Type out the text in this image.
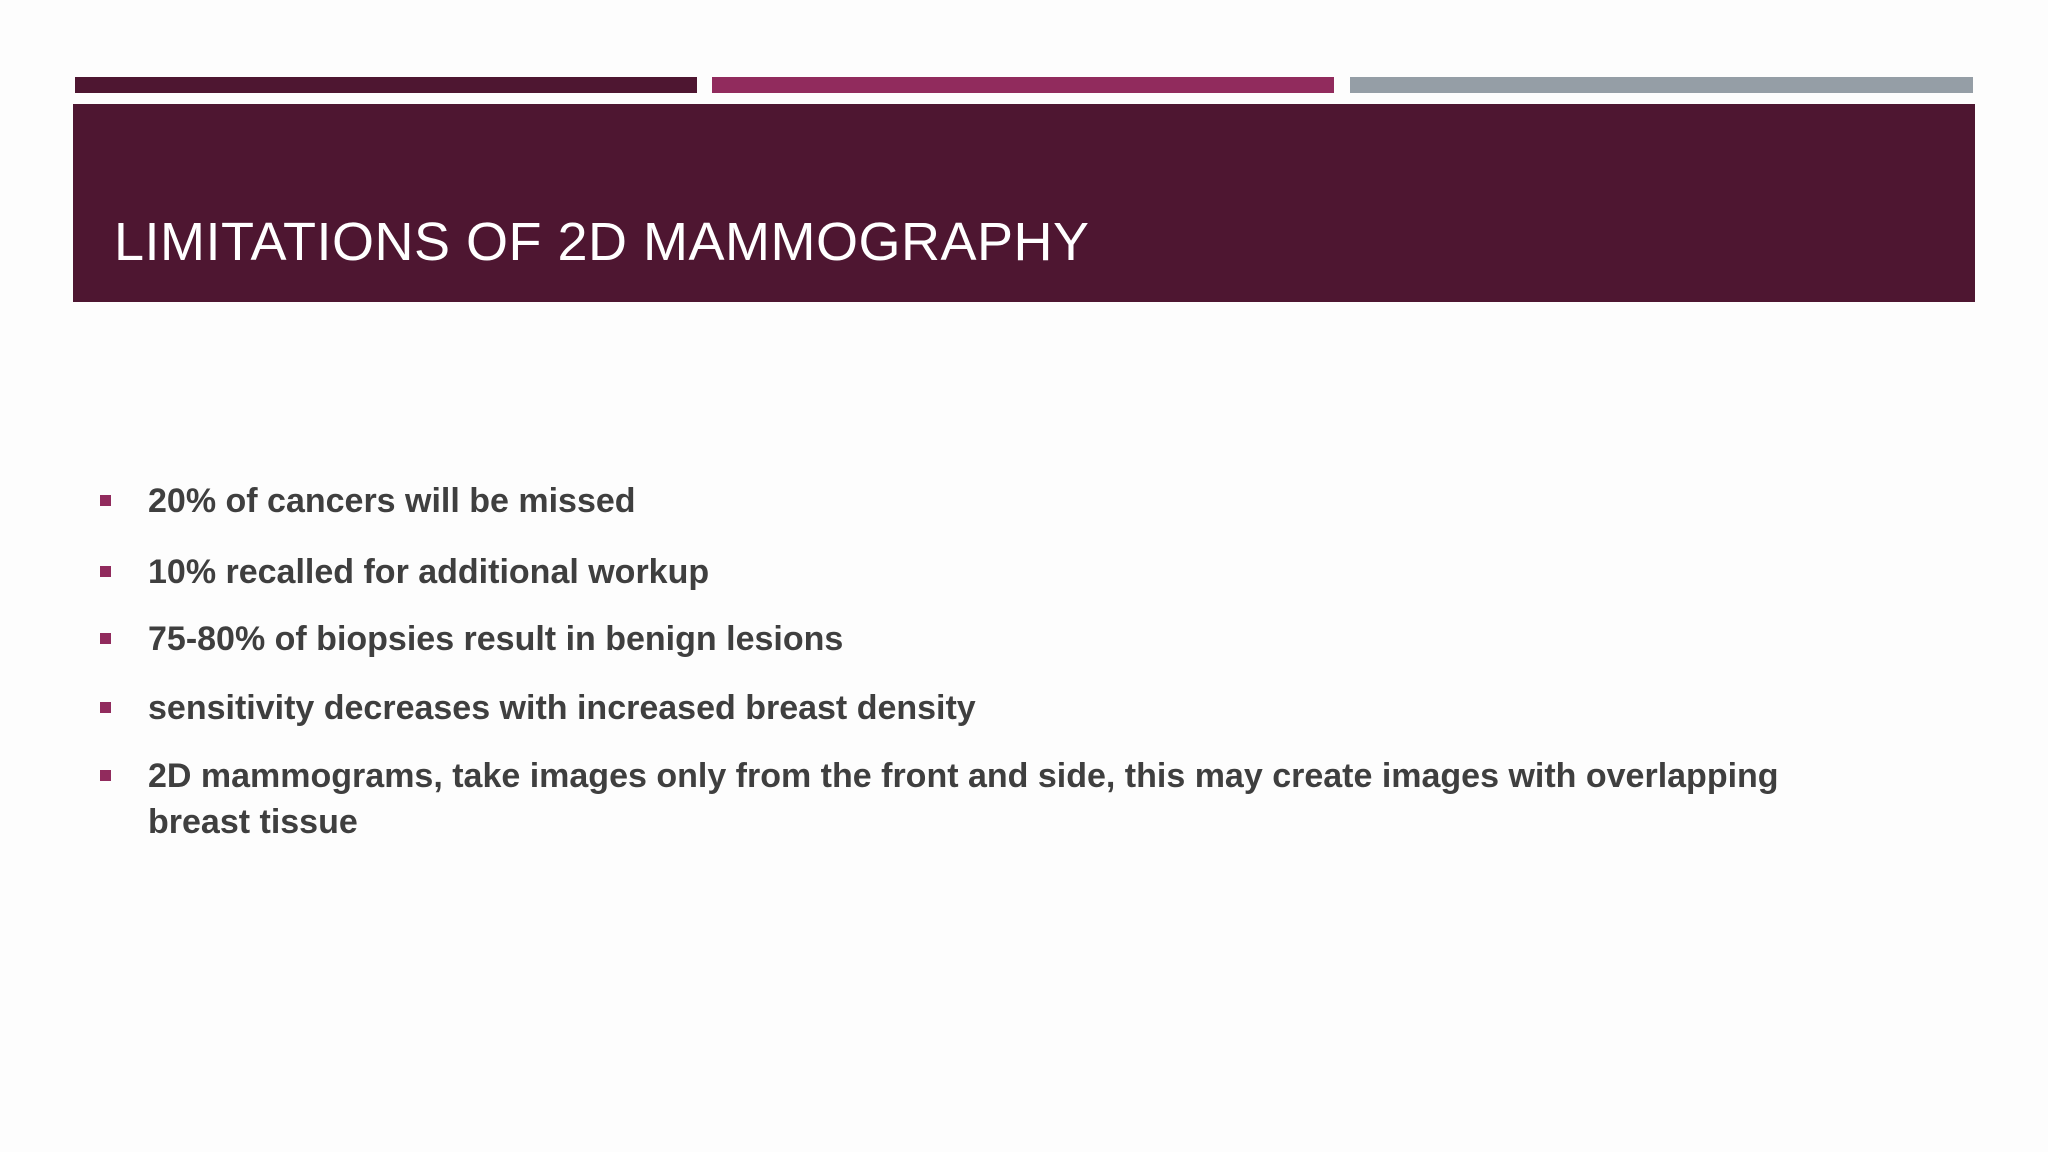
LIMITATIONS OF 2D MAMMOGRAPHY
20% of cancers will be missed
10% recalled for additional workup
75-80% of biopsies result in benign lesions
sensitivity decreases with increased breast density
2D mammograms, take images only from the front and side, this may create images with overlapping breast tissue
